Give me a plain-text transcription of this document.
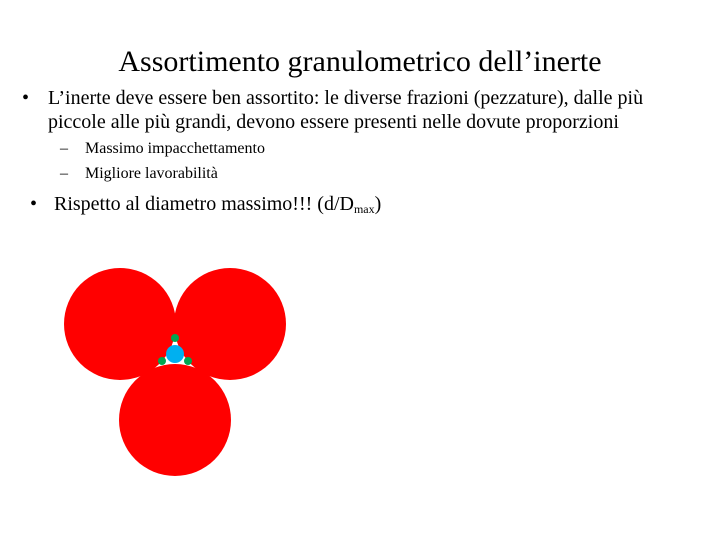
Assortimento granulometrico dell’inerte
• L’inerte deve essere ben assortito: le diverse frazioni (pezzature), dalle più piccole alle più grandi, devono essere presenti nelle dovute proporzioni
– Massimo impacchettamento
– Migliore lavorabilità
• Rispetto al diametro massimo!!! $(d/D_{max})$
